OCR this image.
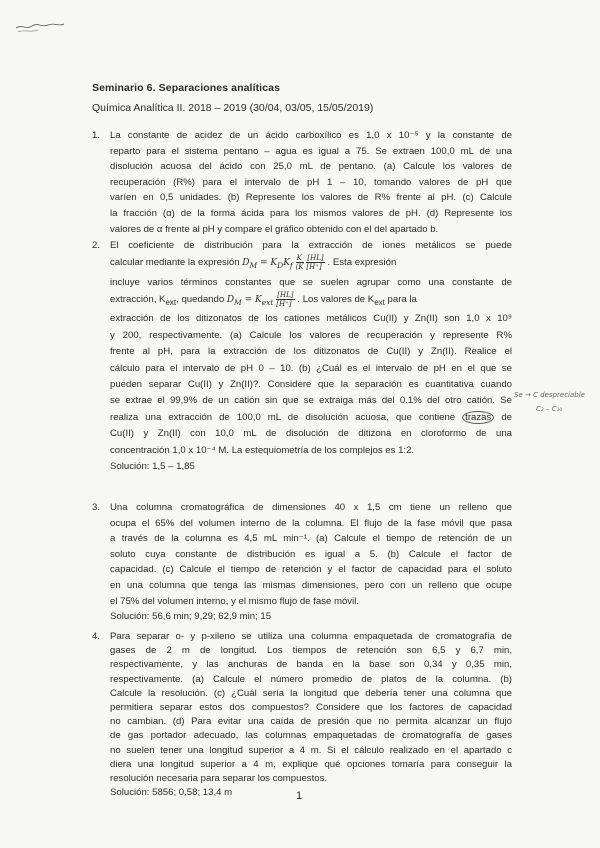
Seminario 6. Separaciones analíticas
Química Analítica II. 2018 – 2019 (30/04, 03/05, 15/05/2019)
1. La constante de acidez de un ácido carboxílico es 1,0 x 10⁻⁵ y la constante de
reparto para el sistema pentano – agua es igual a 75. Se extraen 100,0 mL de una
disolución acuosa del ácido con 25,0 mL de pentano. (a) Calcule los valores de
recuperación (R%) para el intervalo de pH 1 – 10, tomando valores de pH que
varíen en 0,5 unidades. (b) Represente los valores de R% frente al pH. (c) Calcule
la fracción (α) de la forma ácida para los mismos valores de pH. (d) Represente los
valores de α frente al pH y compare el gráfico obtenido con el del apartado b.
2. El coeficiente de distribución para la extracción de iones metálicos se puede
calcular mediante la expresión $D_M = K_DK_f \frac{K}{(K}$
$\frac{[HL]}{[H^+]}$ . Esta expresión
incluye varios términos constantes que se suelen agrupar como una constante de
extracción, $K_{ext}$, quedando $D_M = K_{ext} \frac{[HL]}{[H^+]}$ . Los valores de $K_{ext}$ para la
extracción de los ditizonatos de los cationes metálicos Cu(II) y Zn(II) son 1,0 x 10⁹
y 200, respectivamente. (a) Calcule los valores de recuperación y represente R%
frente al pH, para la extracción de los ditizonatos de Cu(II) y Zn(II). Realice el
cálculo para el intervalo de pH 0 – 10. (b) ¿Cuál es el intervalo de pH en el que se
pueden separar Cu(II) y Zn(II)?. Considere que la separación es cuantitativa cuando
se extrae el 99,9% de un catión sin que se extraiga más del 0.1% del otro catión. Se
realiza una extracción de 100,0 mL de disolución acuosa, que contiene trazas de
Cu(II) y Zn(II) con 10,0 mL de disolución de ditizona en cloroformo de una
concentración 1,0 x 10⁻⁴ M. La estequiometría de los complejos es 1:2.
Solución: 1,5 – 1,85
Se → C despreciable
C₂ – C₁₀
3. Una columna cromatográfica de dimensiones 40 x 1,5 cm tiene un relleno que
ocupa el 65% del volumen interno de la columna. El flujo de la fase móvil que pasa
a través de la columna es 4,5 mL min⁻¹. (a) Calcule el tiempo de retención de un
soluto cuya constante de distribución es igual a 5. (b) Calcule el factor de
capacidad. (c) Calcule el tiempo de retención y el factor de capacidad para el soluto
en una columna que tenga las mismas dimensiones, pero con un relleno que ocupe
el 75% del volumen interno, y el mismo flujo de fase móvil.
Solución: 56,6 min; 9,29; 62,9 min; 15
4. Para separar o- y p-xileno se utiliza una columna empaquetada de cromatografía de
gases de 2 m de longitud. Los tiempos de retención son 6,5 y 6,7 min,
respectivamente, y las anchuras de banda en la base son 0,34 y 0,35 min,
respectivamente. (a) Calcule el número promedio de platos de la columna. (b)
Calcule la resolución. (c) ¿Cuál sería la longitud que debería tener una columna que
permitiera separar estos dos compuestos? Considere que los factores de capacidad
no cambian. (d) Para evitar una caída de presión que no permita alcanzar un flujo
de gas portador adecuado, las columnas empaquetadas de cromatografía de gases
no suelen tener una longitud superior a 4 m. Si el cálculo realizado en el apartado c
diera una longitud superior a 4 m, explique qué opciones tomaría para conseguir la
resolución necesaria para separar los compuestos.
Solución: 5856; 0,58; 13,4 m	1
